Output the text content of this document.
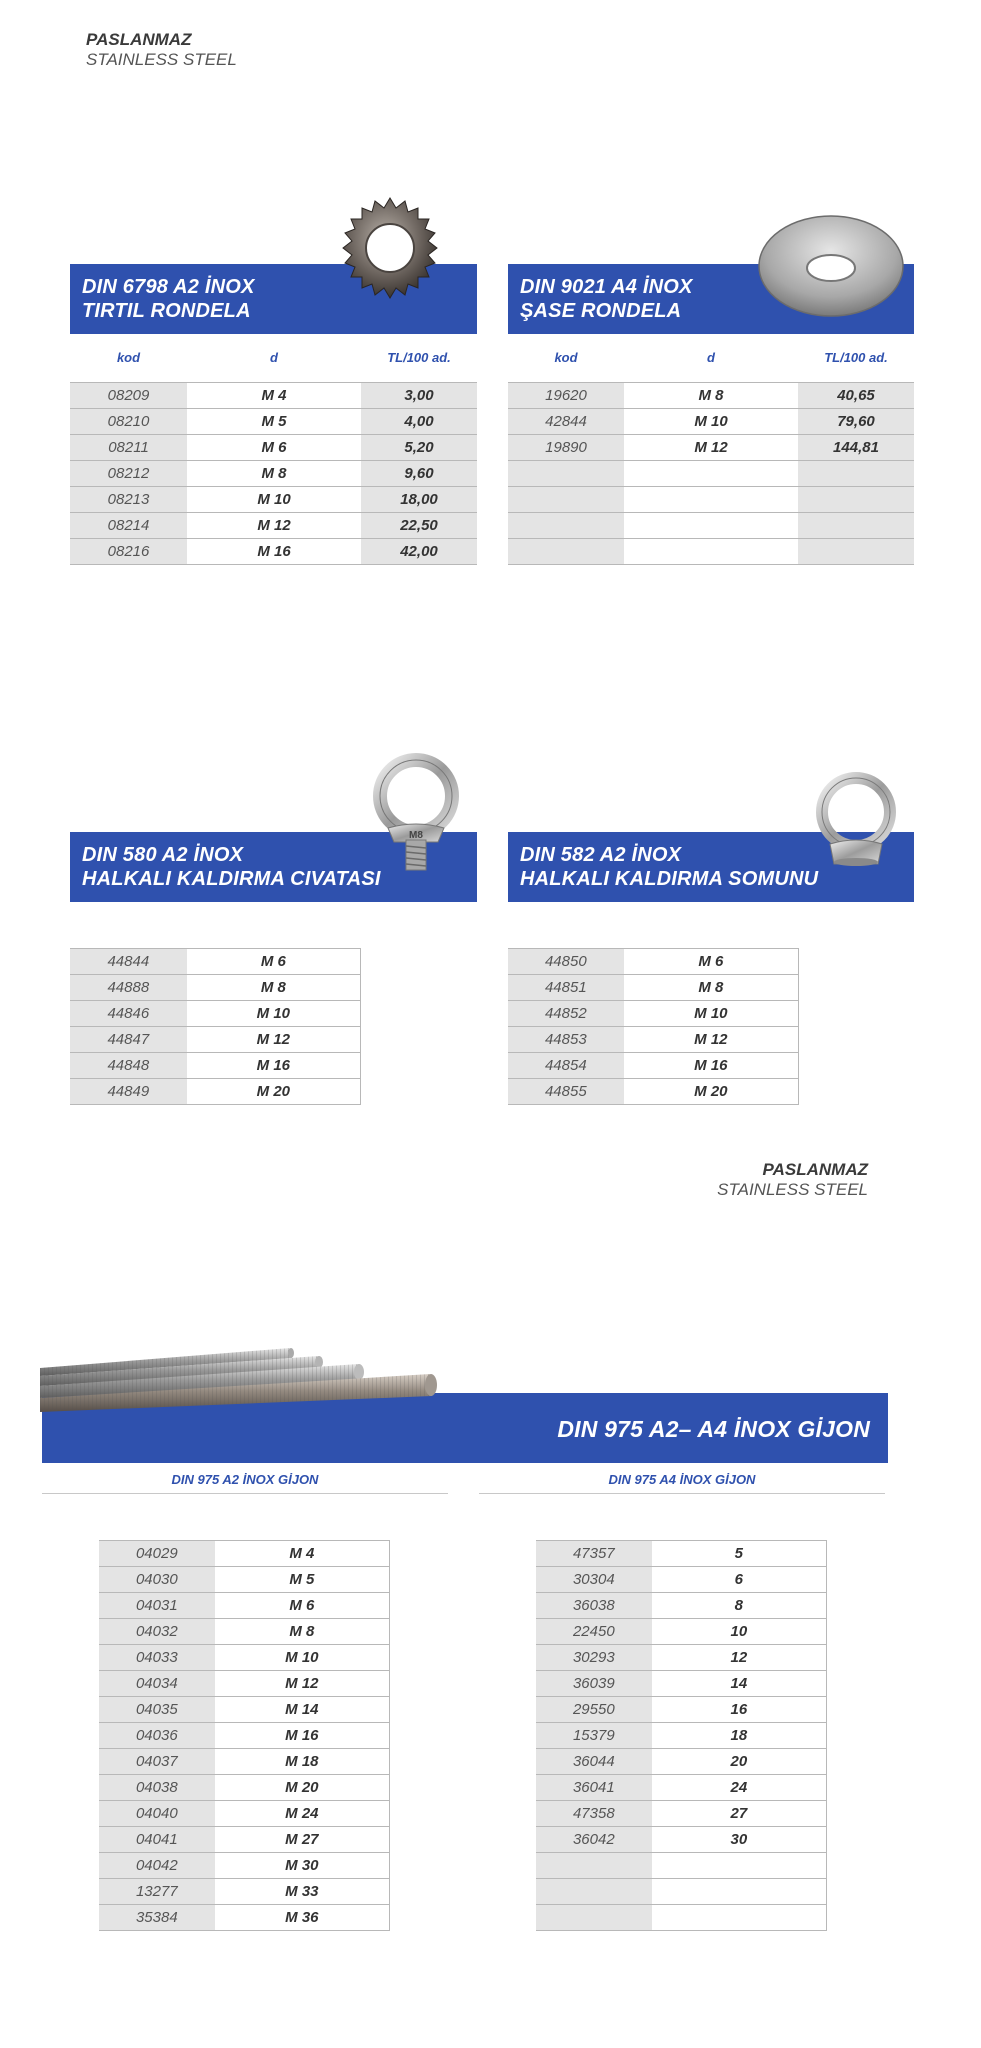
PASLANMAZ
STAINLESS STEEL
DIN 6798 A2 İNOX
TIRTIL RONDELA
kod	d	TL/100 ad.
08209	M 4	3,00
08210	M 5	4,00
08211	M 6	5,20
08212	M 8	9,60
08213	M 10	18,00
08214	M 12	22,50
08216	M 16	42,00
DIN 9021 A4 İNOX
ŞASE RONDELA
kod	d	TL/100 ad.
19620	M 8	40,65
42844	M 10	79,60
19890	M 12	144,81

DIN 580 A2 İNOX
HALKALI KALDIRMA CIVATASI
M8
44844	M 6
44888	M 8
44846	M 10
44847	M 12
44848	M 16
44849	M 20
DIN 582 A2 İNOX
HALKALI KALDIRMA SOMUNU
44850	M 6
44851	M 8
44852	M 10
44853	M 12
44854	M 16
44855	M 20
PASLANMAZ
STAINLESS STEEL
DIN 975 A2– A4 İNOX GİJON
DIN 975 A2 İNOX GİJON	DIN 975 A4 İNOX GİJON
04029	M 4
04030	M 5
04031	M 6
04032	M 8
04033	M 10
04034	M 12
04035	M 14
04036	M 16
04037	M 18
04038	M 20
04040	M 24
04041	M 27
04042	M 30
13277	M 33
35384	M 36
47357	5
30304	6
36038	8
22450	10
30293	12
36039	14
29550	16
15379	18
36044	20
36041	24
47358	27
36042	30
